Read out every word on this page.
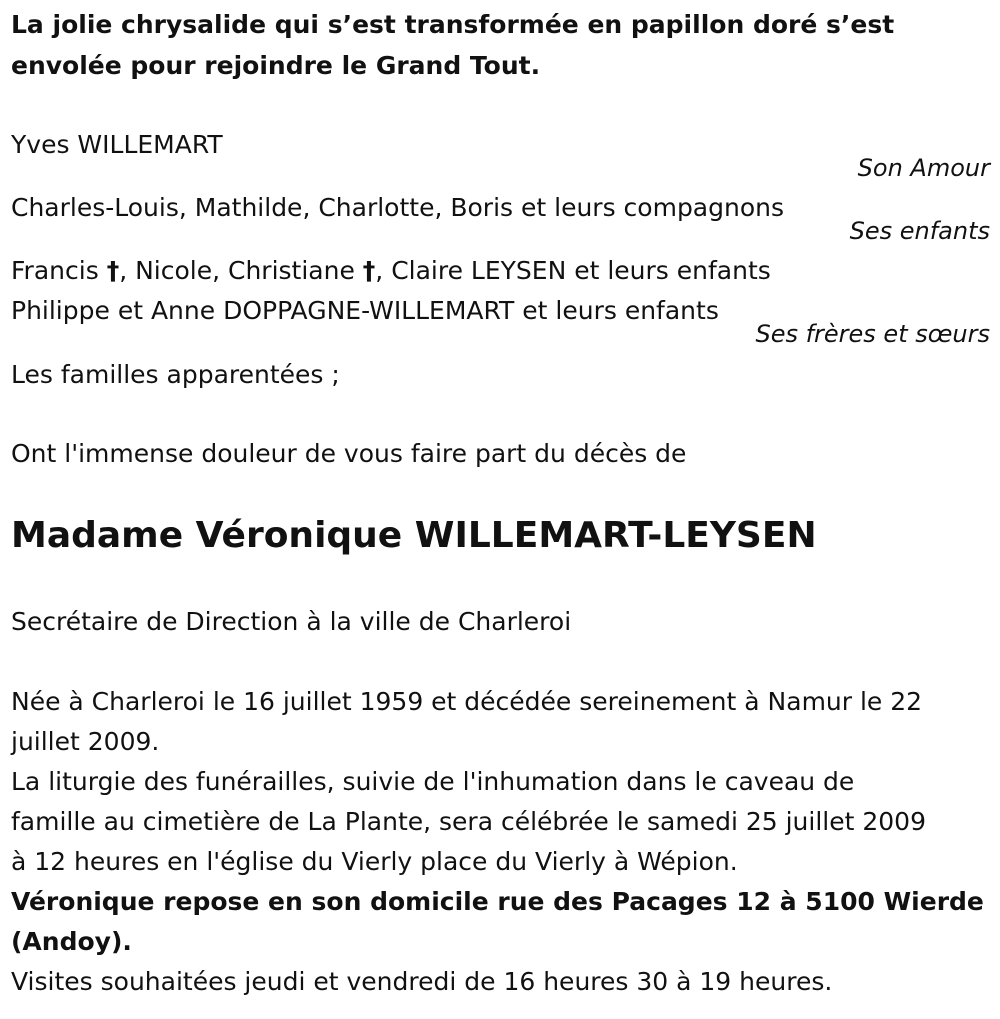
La jolie chrysalide qui s’est transformée en papillon doré s’est
envolée pour rejoindre le Grand Tout.
Yves WILLEMART
Son Amour
Charles-Louis, Mathilde, Charlotte, Boris et leurs compagnons
Ses enfants
Francis †, Nicole, Christiane †, Claire LEYSEN et leurs enfants
Philippe et Anne DOPPAGNE-WILLEMART et leurs enfants
Ses frères et sœurs
Les familles apparentées ;
Ont l'immense douleur de vous faire part du décès de
Madame Véronique WILLEMART-LEYSEN
Secrétaire de Direction à la ville de Charleroi
Née à Charleroi le 16 juillet 1959 et décédée sereinement à Namur le 22
juillet 2009.
La liturgie des funérailles, suivie de l'inhumation dans le caveau de
famille au cimetière de La Plante, sera célébrée le samedi 25 juillet 2009
à 12 heures en l'église du Vierly place du Vierly à Wépion.
Véronique repose en son domicile rue des Pacages 12 à 5100 Wierde
(Andoy).
Visites souhaitées jeudi et vendredi de 16 heures 30 à 19 heures.
